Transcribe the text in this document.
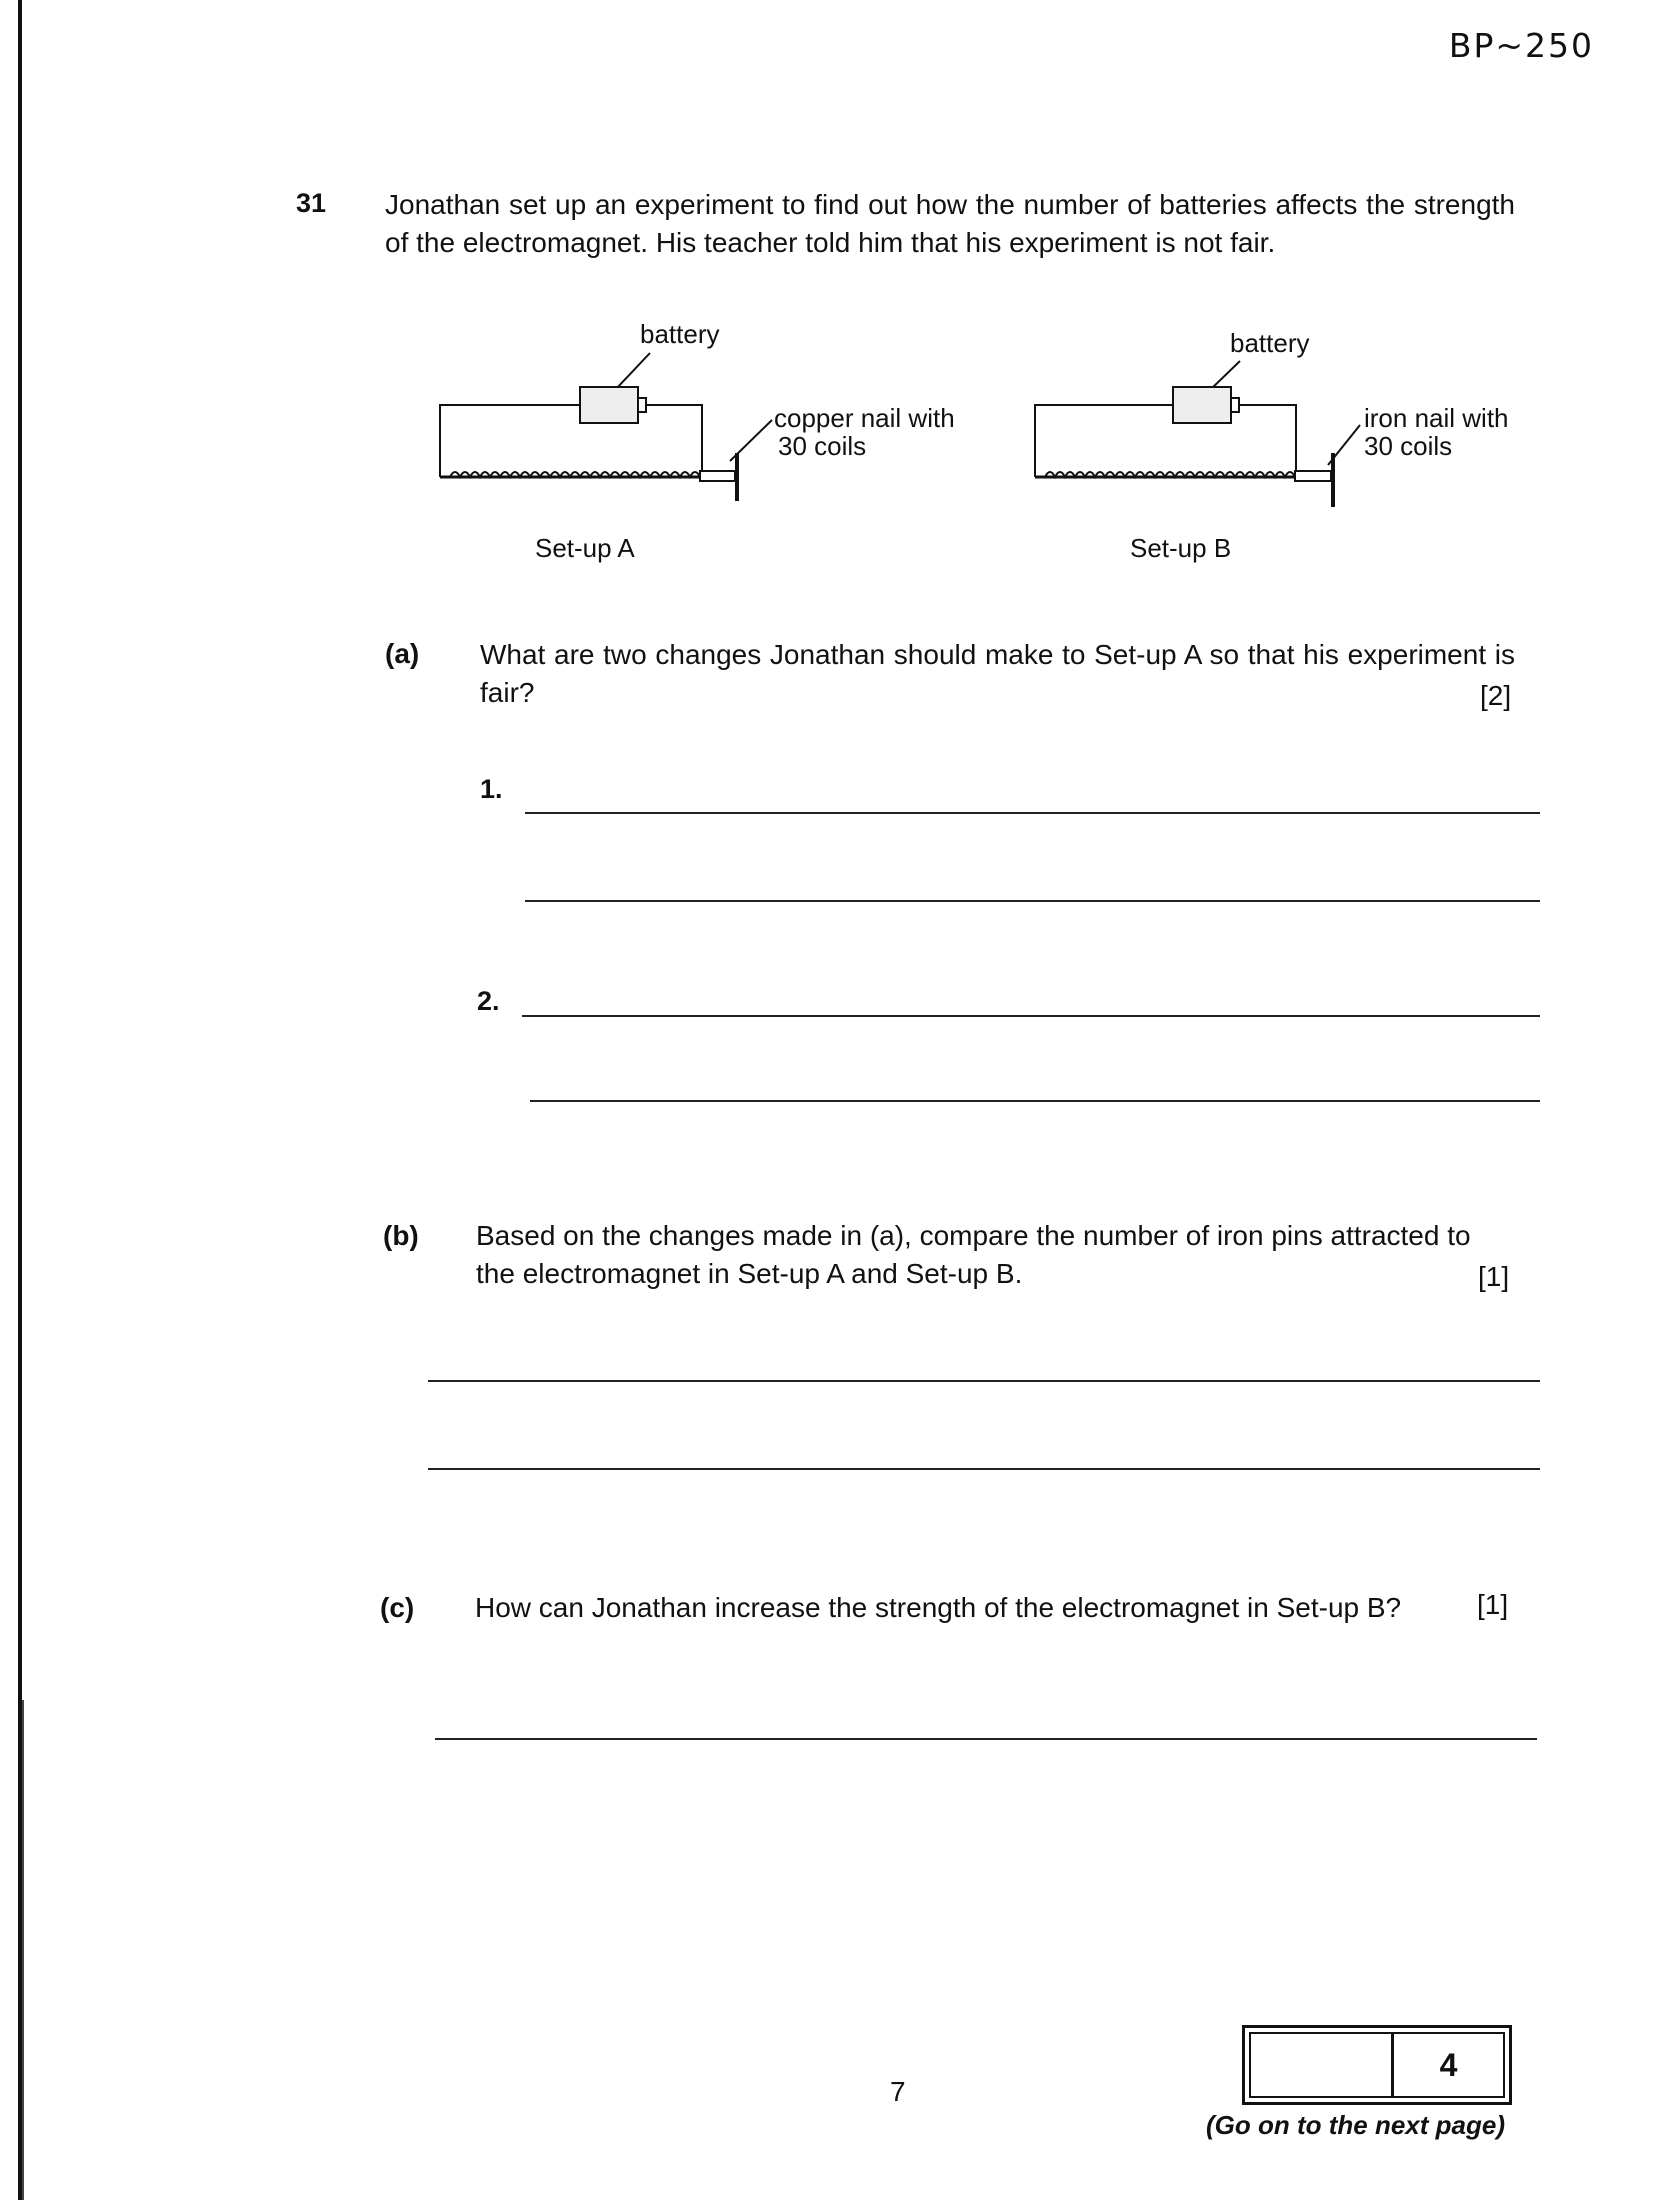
BP~250
31 Jonathan set up an experiment to find out how the number of batteries affects the strength of the electromagnet. His teacher told him that his experiment is not fair.
battery
copper nail with
30 coils
Set-up A
battery
iron nail with
30 coils
Set-up B
(a) What are two changes Jonathan should make to Set-up A so that his experiment is fair?	[2]
1.
2.
(b) Based on the changes made in (a), compare the number of iron pins attracted to the electromagnet in Set-up A and Set-up B.	[1]
(c) How can Jonathan increase the strength of the electromagnet in Set-up B?	[1]
7
4
(Go on to the next page)
